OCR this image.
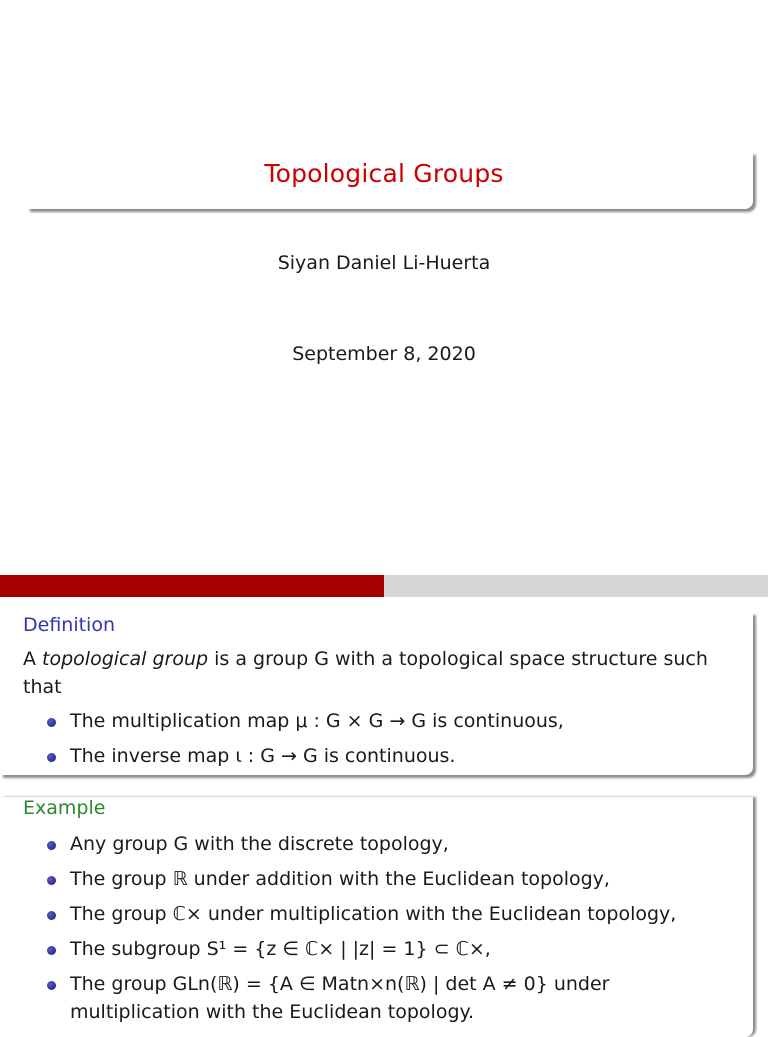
Topological Groups
Siyan Daniel Li-Huerta
September 8, 2020
Definition

A topological group is a group G with a topological space structure such that

The multiplication map μ : G × G → G is continuous,
The inverse map ι : G → G is continuous.
Example
Any group G with the discrete topology,
The group ℝ under addition with the Euclidean topology,
The group ℂ× under multiplication with the Euclidean topology,
The subgroup S¹ = {z ∈ ℂ× | |z| = 1} ⊂ ℂ×,
The group GLn(ℝ) = {A ∈ Matn×n(ℝ) | det A ≠ 0} under multiplication with the Euclidean topology.
